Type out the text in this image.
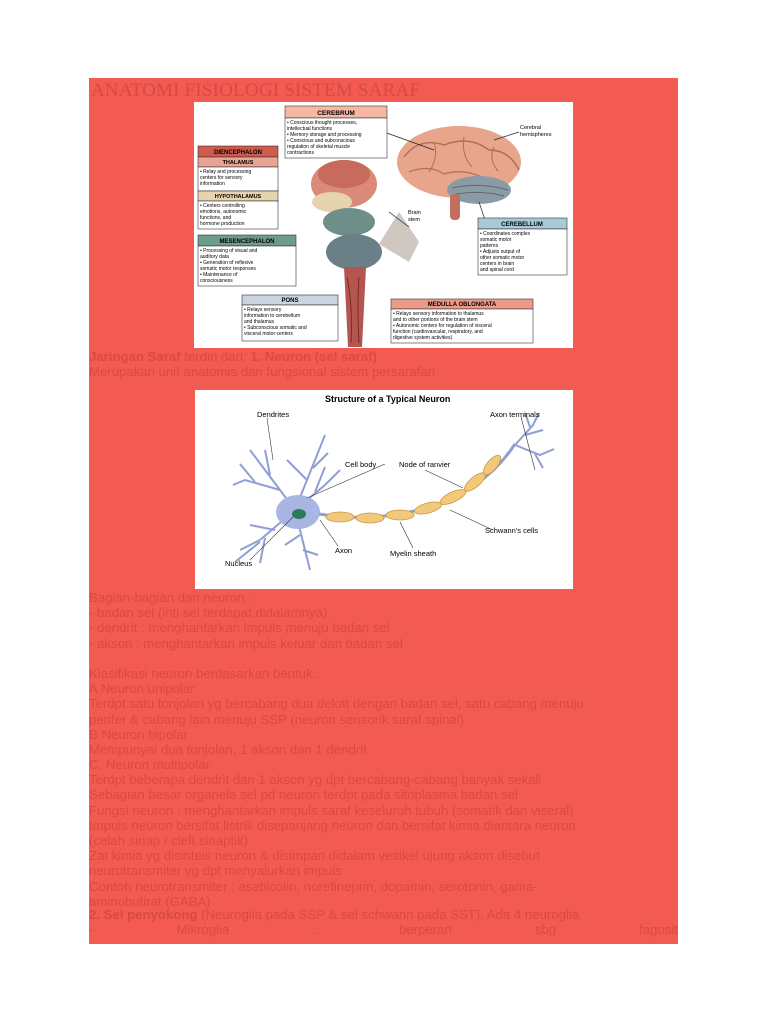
ANATOMI FISIOLOGI SISTEM SARAF
CEREBRUM
• Conscious thought processes, intellectual functions • Memory storage and processing • Conscious and subconscious regulation of skeletal muscle contractions
Cerebral hemispheres
DIENCEPHALON
THALAMUS
• Relay and processing centers for sensory information
HYPOTHALAMUS
• Centers controlling emotions, autonomic functions, and hormone production
Brain stem
MESENCEPHALON
• Processing of visual and auditory data • Generation of reflexive somatic motor responses • Maintenance of consciousness
CEREBELLUM
• Coordinates complex somatic motor patterns • Adjusts output of other somatic motor centers in brain and spinal cord
PONS
• Relays sensory information to cerebellum and thalamus • Subconscious somatic and visceral motor centers
MEDULLA OBLONGATA
• Relays sensory information to thalamus and to other portions of the brain stem • Autonomic centers for regulation of visceral function (cardiovascular, respiratory, and digestive system activities)
Jaringan Saraf terdiri dari: 1. Neuron (sel saraf)
Merupakan unit anatomis dan fungsional sistem persarafan
Structure of a Typical Neuron
Dendrites	Axon terminals Cell body	Node of ranvier Schwann's cells Axon	Myelin sheath Nucleus
Bagian-bagian dari neuron :
- badan sel (inti sel terdapat didalamnya)
- dendrit : menghantarkan impuls menuju badan sel
- akson : menghantarkan impuls keluar dari badan sel
Klasifikasi neuron berdasarkan bentuk :
A Neuron unipolar
Terdpt satu tonjolan yg bercabang dua dekat dengan badan sel, satu cabang menuju
perifer & cabang lain menuju SSP (neuron sensorik saraf spinal)
B Neuron bipolar
Mempunyai dua tonjolan, 1 akson dan 1 dendrit
C. Neuron multipolar
Terdpt beberapa dendrit dan 1 akson yg dpt bercabang-cabang banyak sekali
Sebagian besar organela sel pd neuron terdpt pada sitoplasma badan sel
Fungsi neuron : menghantarkan impuls saraf keseluruh tubuh (somatik dan viseral)
Impuls neuron bersifat listrik disepanjang neuron dan bersifat kimia diantara neuron
(celah sinap / cleft sinaptik)
Zat kimia yg disinteis neuron & disimpan didalam vesikel ujung akson disebut
neurotransmiter yg dpt menyalurkan impuls
Contoh neurotransmiter : asetilcolin, norefineprin, dopamin, serotonin, gama-
aminobutirat (GABA)
2. Sel penyokong (Neuroglia pada SSP & sel schwann pada SST). Ada 4 neuroglia
-	Mikroglia	:	berperan	sbg	fagosit
